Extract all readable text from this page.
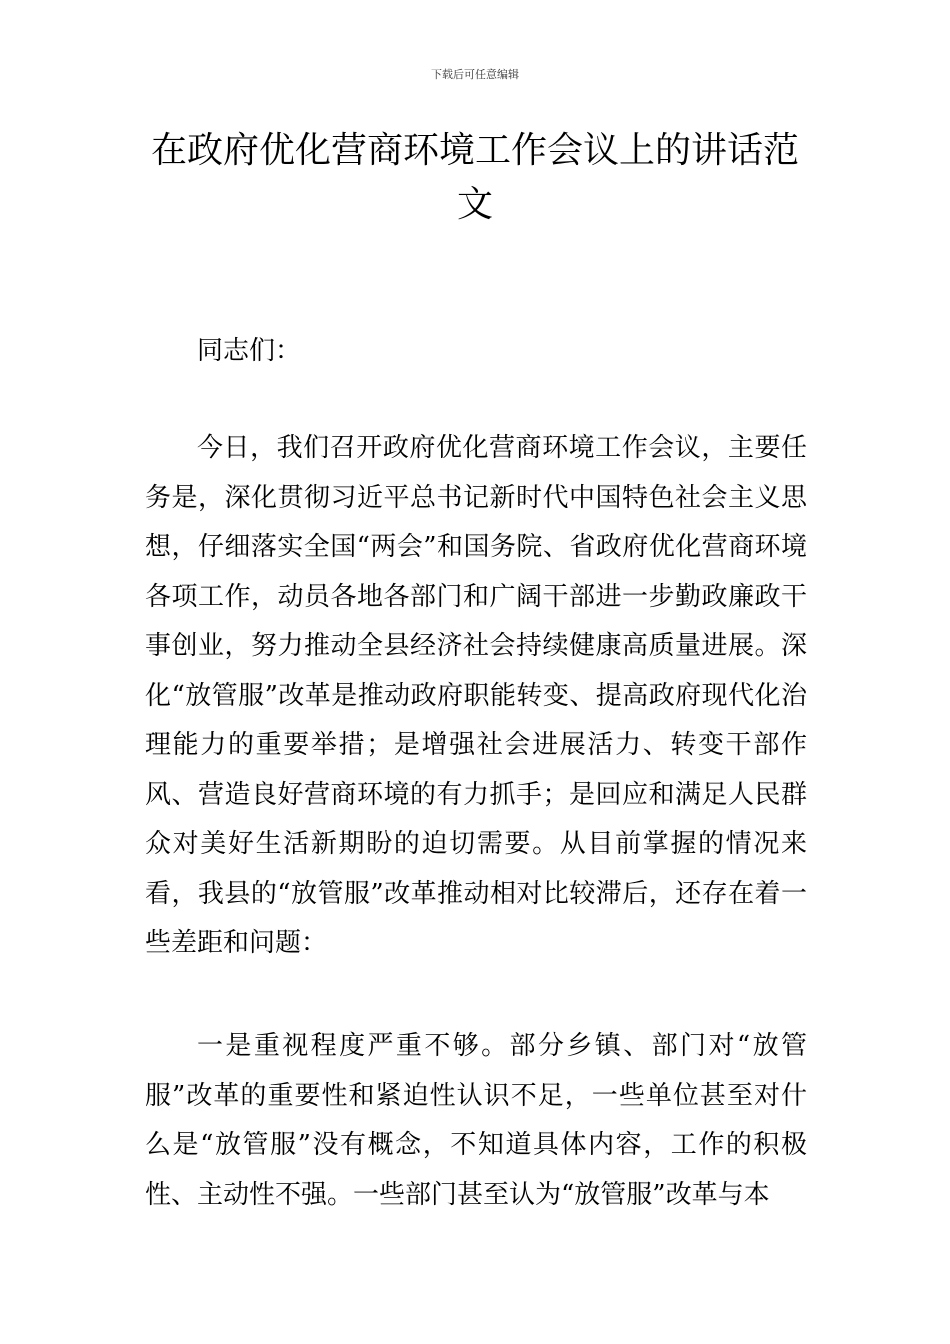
下载后可任意编辑
在政府优化营商环境工作会议上的讲话范文

同志们：

今日，我们召开政府优化营商环境工作会议，主要任务是，深化贯彻习近平总书记新时代中国特色社会主义思想，仔细落实全国“两会”和国务院、省政府优化营商环境各项工作，动员各地各部门和广阔干部进一步勤政廉政干事创业，努力推动全县经济社会持续健康高质量进展。深化“放管服”改革是推动政府职能转变、提高政府现代化治理能力的重要举措；是增强社会进展活力、转变干部作风、营造良好营商环境的有力抓手；是回应和满足人民群众对美好生活新期盼的迫切需要。从目前掌握的情况来看，我县的“放管服”改革推动相对比较滞后，还存在着一些差距和问题：

一是重视程度严重不够。部分乡镇、部门对“放管服”改革的重要性和紧迫性认识不足，一些单位甚至对什么是“放管服”没有概念，不知道具体内容，工作的积极性、主动性不强。一些部门甚至认为“放管服”改革与本
